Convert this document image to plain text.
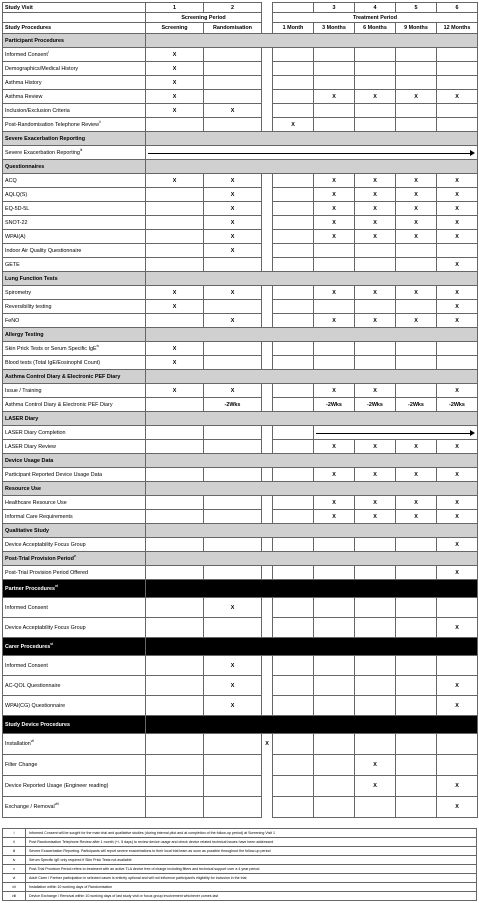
Study Visit	1	2			3	4	5	6
	Screening Period			Treatment Period				
Study Procedures	Screening	Randomisation		1 Month	3 Months	6 Months	9 Months	12 Months
Participant Procedures								
Informed Consent$^i$	X							
Demographics/Medical History	X							
Asthma History	X							
Asthma Review	X				X	X	X	X
Inclusion/Exclusion Criteria	X	X						
Post-Randomisation Telephone Review$^{ii}$				X				
Severe Exacerbation Reporting								
Severe Exacerbation Reporting$^{iii}$	
Questionnaires								
ACQ	X	X			X	X	X	X
AQLQ(S)		X			X	X	X	X
EQ-5D-5L		X			X	X	X	X
SNOT-22		X			X	X	X	X
WPAI(A)		X			X	X	X	X
Indoor Air Quality Questionnaire		X						
GETE								X
Lung Function Tests								
Spirometry	X	X			X	X	X	X
Reversibility testing	X							X
FeNO		X			X	X	X	X
Allergy Testing								
Skin Prick Tests or Serum Specific IgE$^{iv}$	X							
Blood tests (Total IgE/Eosinophil Count)	X							
Asthma Control Diary & Electronic PEF Diary								
Issue / Training	X	X			X	X		X
Asthma Control Diary & Electronic PEF Diary		-2Wks			-2Wks	-2Wks	-2Wks	-2Wks
LASER Diary								
LASER Diary Completion								
LASER Diary Review					X	X	X	X
Device Usage Data								
Participant Reported Device Usage Data					X	X	X	X
Resource Use								
Healthcare Resource Use					X	X	X	X
Informal Care Requirements					X	X	X	X
Qualitative Study								
Device Acceptability Focus Group								X
Post-Trial Provision Period$^v$	
Post-Trial Provision Period Offered								X
Partner Procedures$^{vi}$	
Informed Consent		X						
Device Acceptability Focus Group								X
Carer Procedures$^{vi}$	
Informed Consent		X						
AC-QOL Questionnaire		X						X
WPAI(CG) Questionnaire		X						X
Study Device Procedures								
Installation$^{vii}$			X					
Filter Change						X		
Device Reported Usage (Engineer reading)						X		X
Exchange / Removal$^{viii}$								X
i	Informed Consent will be sought for the main trial and qualitative studies (during internal pilot and at completion of the follow-up period) at Screening Visit 1
ii	Post Randomisation Telephone Review after 1 month (+/- 5 days) to review device usage and check device related technical issues have been addressed
iii	Severe Exacerbation Reporting. Participants will report severe exacerbations to their local trial team as soon as possible throughout the follow-up period
iv	Serum Specific IgE only required if Skin Prick Tests not available
v	Post-Trial Provision Period refers to treatment with an active TLA device free of charge including filters and technical support over a 4 year period
vi	Adult Carer / Partner participation in selected cases is entirely optional and will not influence participant's eligibility for inclusion in the trial
vii	Installation within 10 working days of Randomisation
viii	Device Exchange / Removal within 10 working days of last study visit or focus group involvement whichever comes last
